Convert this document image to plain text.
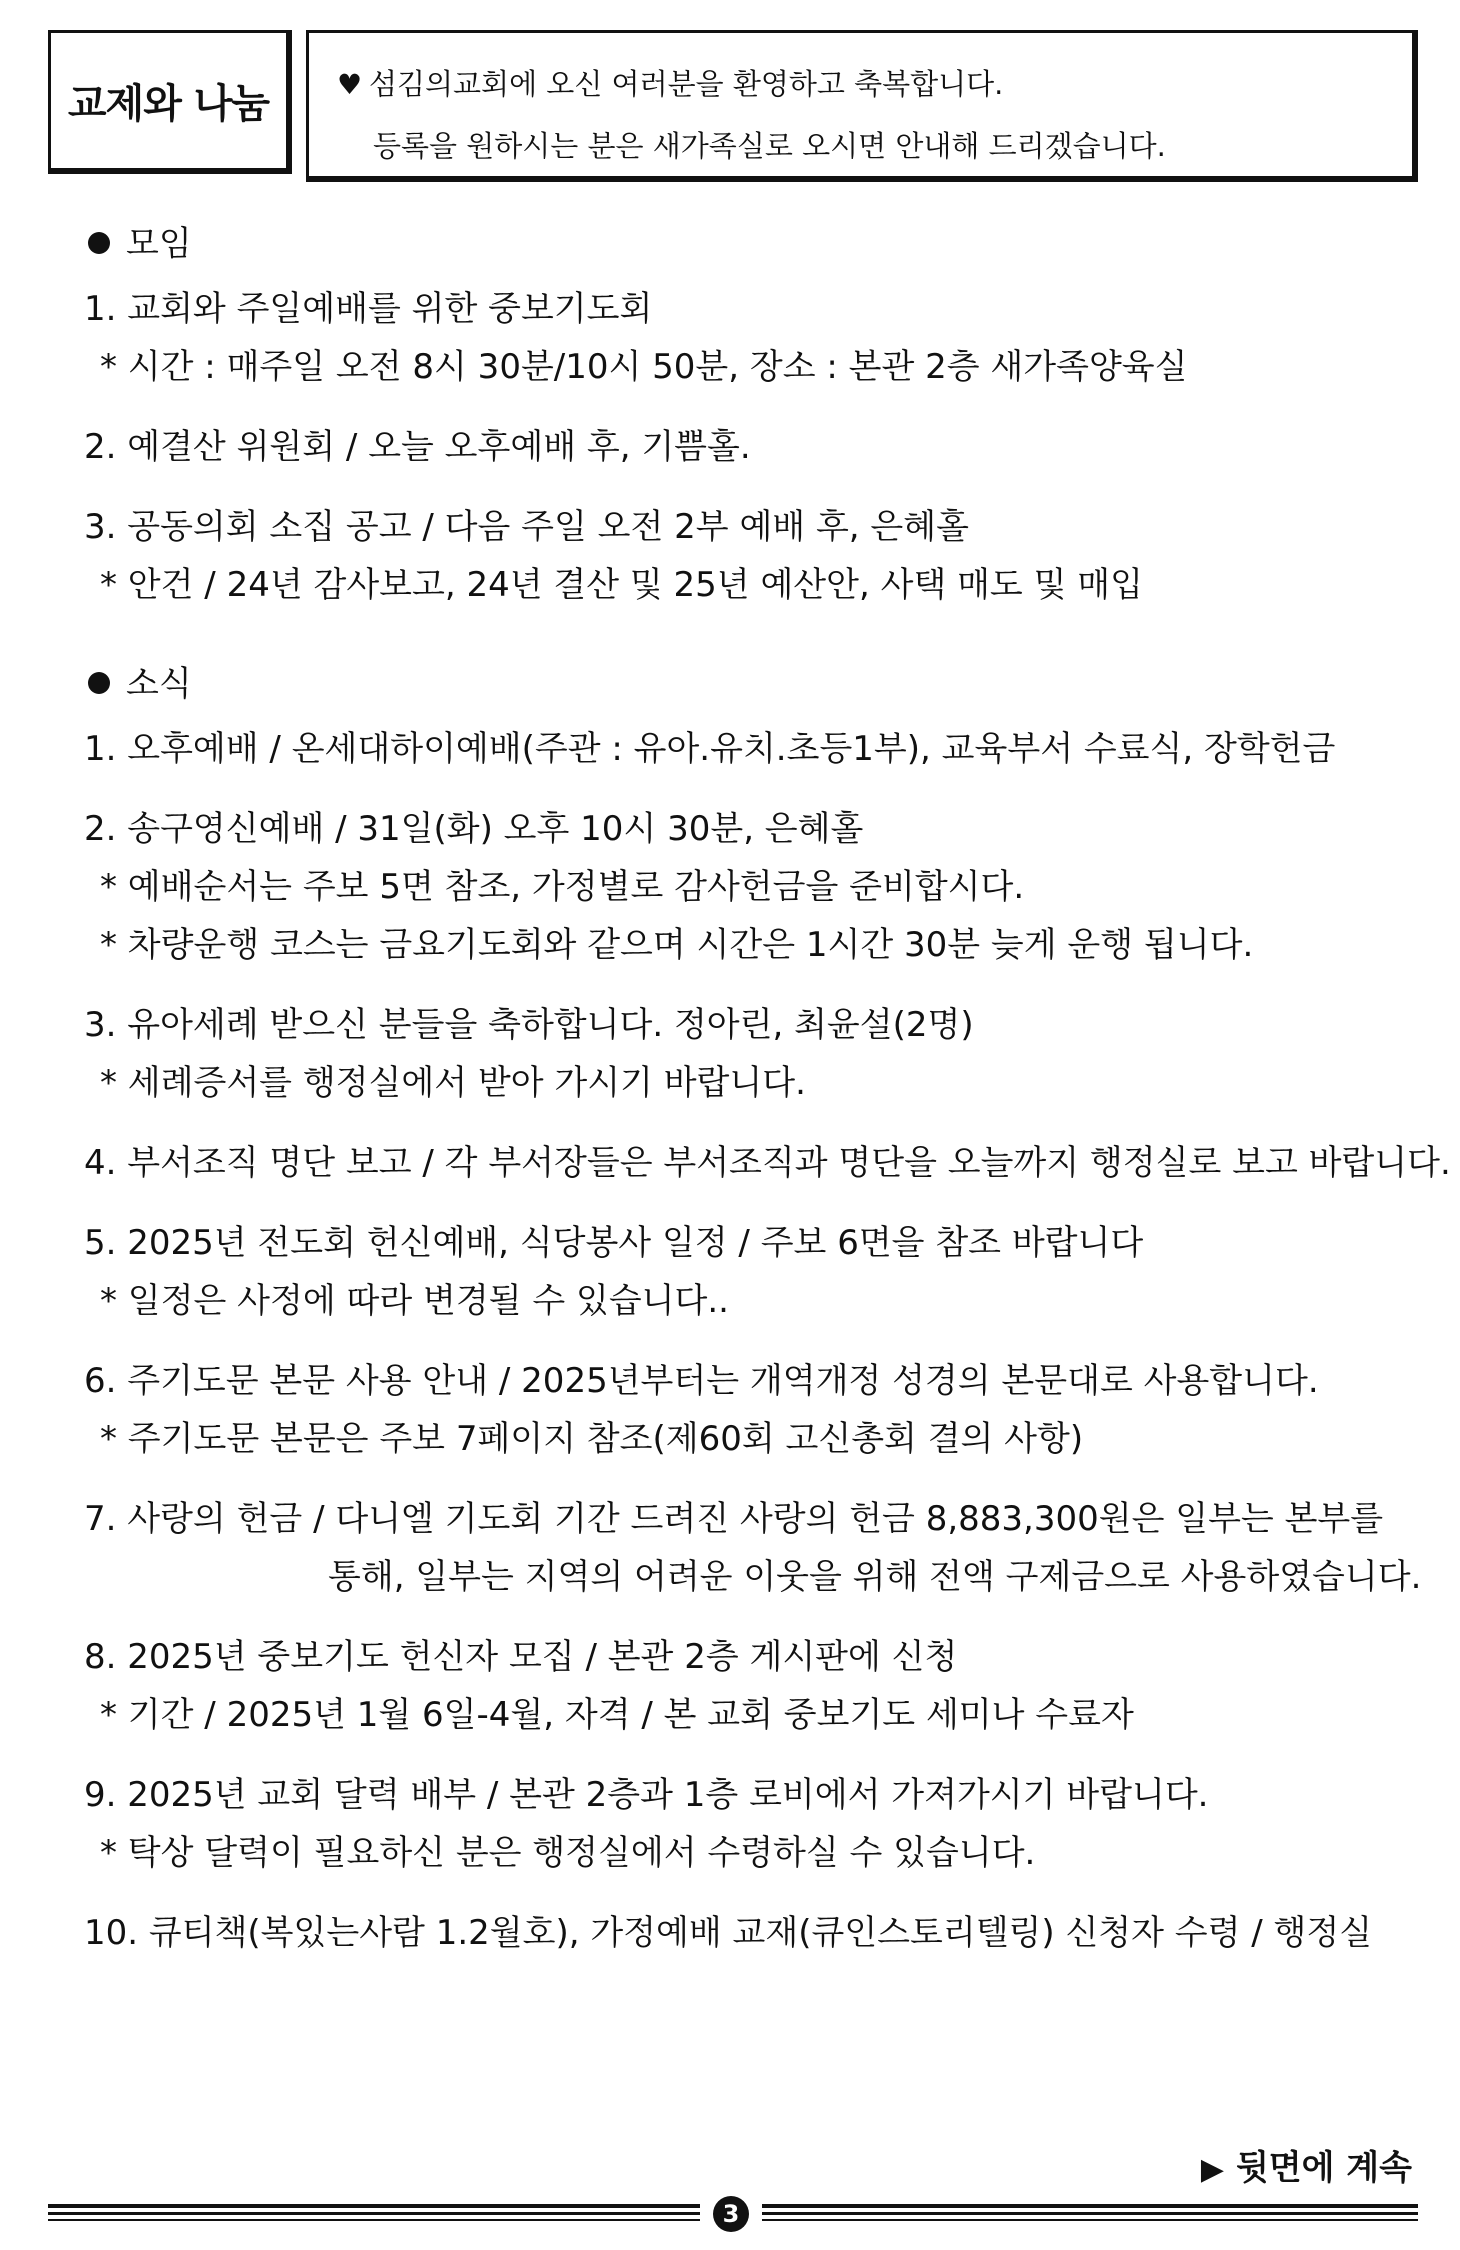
교제와 나눔	♥ 섬김의교회에 오신 여러분을 환영하고 축복합니다.
등록을 원하시는 분은 새가족실로 오시면 안내해 드리겠습니다.
모임
1. 교회와 주일예배를 위한 중보기도회
* 시간 : 매주일 오전 8시 30분/10시 50분, 장소 : 본관 2층 새가족양육실
2. 예결산 위원회 / 오늘 오후예배 후, 기쁨홀.
3. 공동의회 소집 공고 / 다음 주일 오전 2부 예배 후, 은혜홀
* 안건 / 24년 감사보고, 24년 결산 및 25년 예산안, 사택 매도 및 매입
소식
1. 오후예배 / 온세대하이예배(주관 : 유아.유치.초등1부), 교육부서 수료식, 장학헌금
2. 송구영신예배 / 31일(화) 오후 10시 30분, 은혜홀
* 예배순서는 주보 5면 참조, 가정별로 감사헌금을 준비합시다.
* 차량운행 코스는 금요기도회와 같으며 시간은 1시간 30분 늦게 운행 됩니다.
3. 유아세례 받으신 분들을 축하합니다. 정아린, 최윤설(2명)
* 세례증서를 행정실에서 받아 가시기 바랍니다.
4. 부서조직 명단 보고 / 각 부서장들은 부서조직과 명단을 오늘까지 행정실로 보고 바랍니다.
5. 2025년 전도회 헌신예배, 식당봉사 일정 / 주보 6면을 참조 바랍니다
* 일정은 사정에 따라 변경될 수 있습니다..
6. 주기도문 본문 사용 안내 / 2025년부터는 개역개정 성경의 본문대로 사용합니다.
* 주기도문 본문은 주보 7페이지 참조(제60회 고신총회 결의 사항)
7. 사랑의 헌금 / 다니엘 기도회 기간 드려진 사랑의 헌금 8,883,300원은 일부는 본부를
통해, 일부는 지역의 어려운 이웃을 위해 전액 구제금으로 사용하였습니다.
8. 2025년 중보기도 헌신자 모집 / 본관 2층 게시판에 신청
* 기간 / 2025년 1월 6일-4월, 자격 / 본 교회 중보기도 세미나 수료자
9. 2025년 교회 달력 배부 / 본관 2층과 1층 로비에서 가져가시기 바랍니다.
* 탁상 달력이 필요하신 분은 행정실에서 수령하실 수 있습니다.
10. 큐티책(복있는사람 1.2월호), 가정예배 교재(큐인스토리텔링) 신청자 수령 / 행정실
▶ 뒷면에 계속
3
